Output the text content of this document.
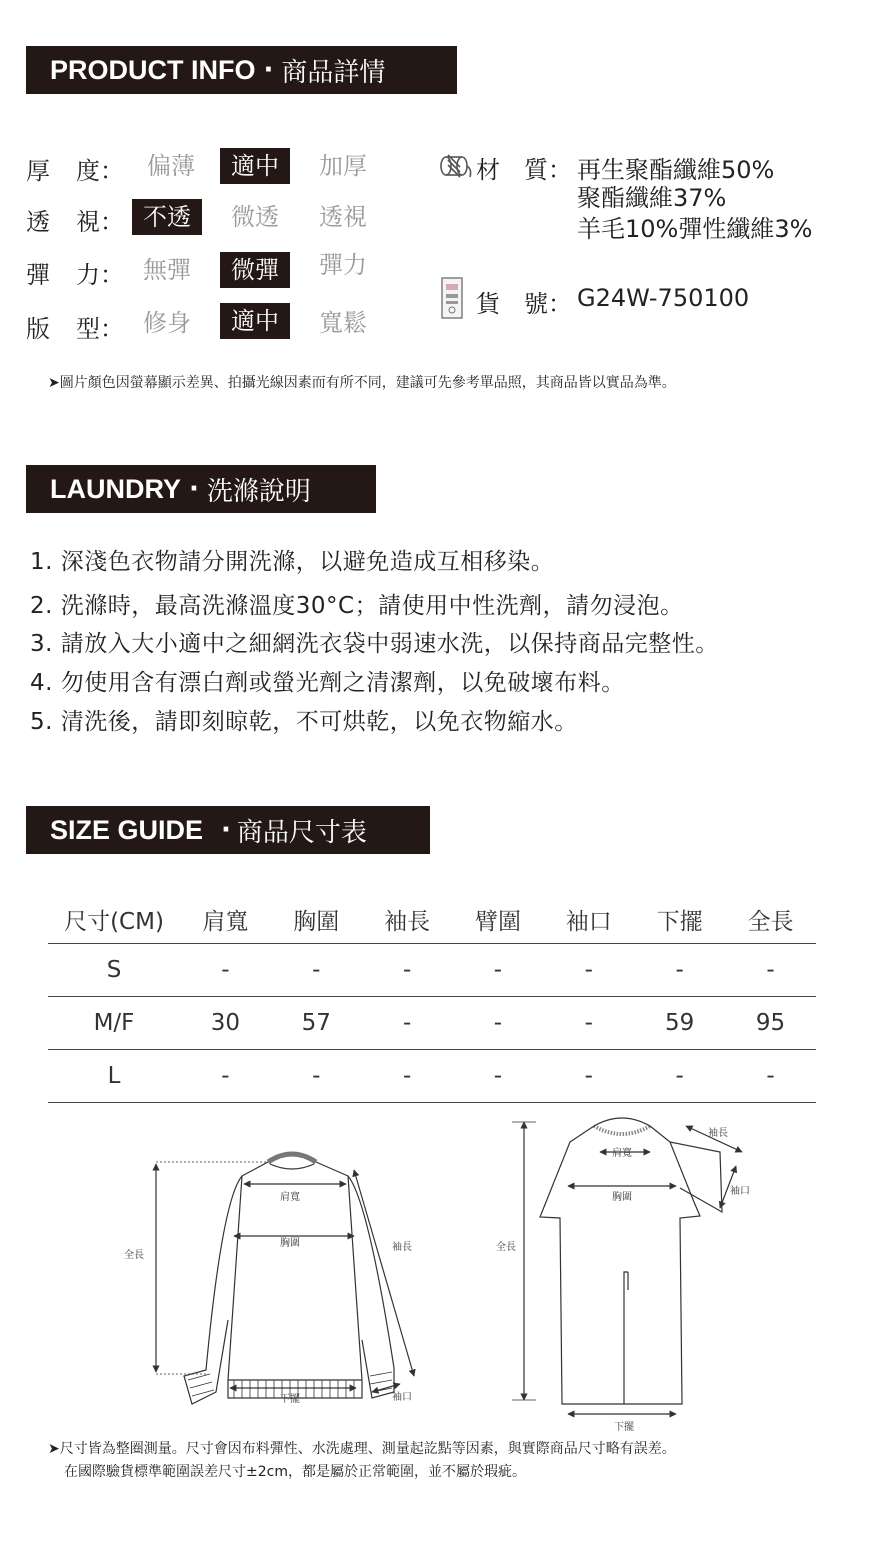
PRODUCT INFO · 商品詳情
厚 度： 偏薄	適中	加厚
透 視： 不透	微透	透視
彈 力： 無彈	微彈	彈力
版 型： 修身	適中	寬鬆
材　質： 再生聚酯纖維50%
聚酯纖維37%
羊毛10%彈性纖維3%
貨　號： G24W-750100
➤圖片顏色因螢幕顯示差異、拍攝光線因素而有所不同，建議可先參考單品照，其商品皆以實品為準。
LAUNDRY · 洗滌說明
1. 深淺色衣物請分開洗滌，以避免造成互相移染。
2. 洗滌時，最高洗滌溫度30°C；請使用中性洗劑，請勿浸泡。
3. 請放入大小適中之細網洗衣袋中弱速水洗，以保持商品完整性。
4. 勿使用含有漂白劑或螢光劑之清潔劑，以免破壞布料。
5. 清洗後，請即刻晾乾，不可烘乾，以免衣物縮水。
SIZE GUIDE · 商品尺寸表
尺寸(CM)	肩寬	胸圍	袖長	臂圍	袖口	下擺	全長
S	-	-	-	-	-	-	-
M/F	30	57	-	-	-	59	95
L	-	-	-	-	-	-	-
全長
肩寬
胸圍	袖長
下擺	袖口
全長
肩寬
胸圍
袖長
袖口
下擺
➤尺寸皆為整圈測量。尺寸會因布料彈性、水洗處理、測量起訖點等因素，與實際商品尺寸略有誤差。
在國際驗貨標準範圍誤差尺寸±2cm，都是屬於正常範圍，並不屬於瑕疵。
